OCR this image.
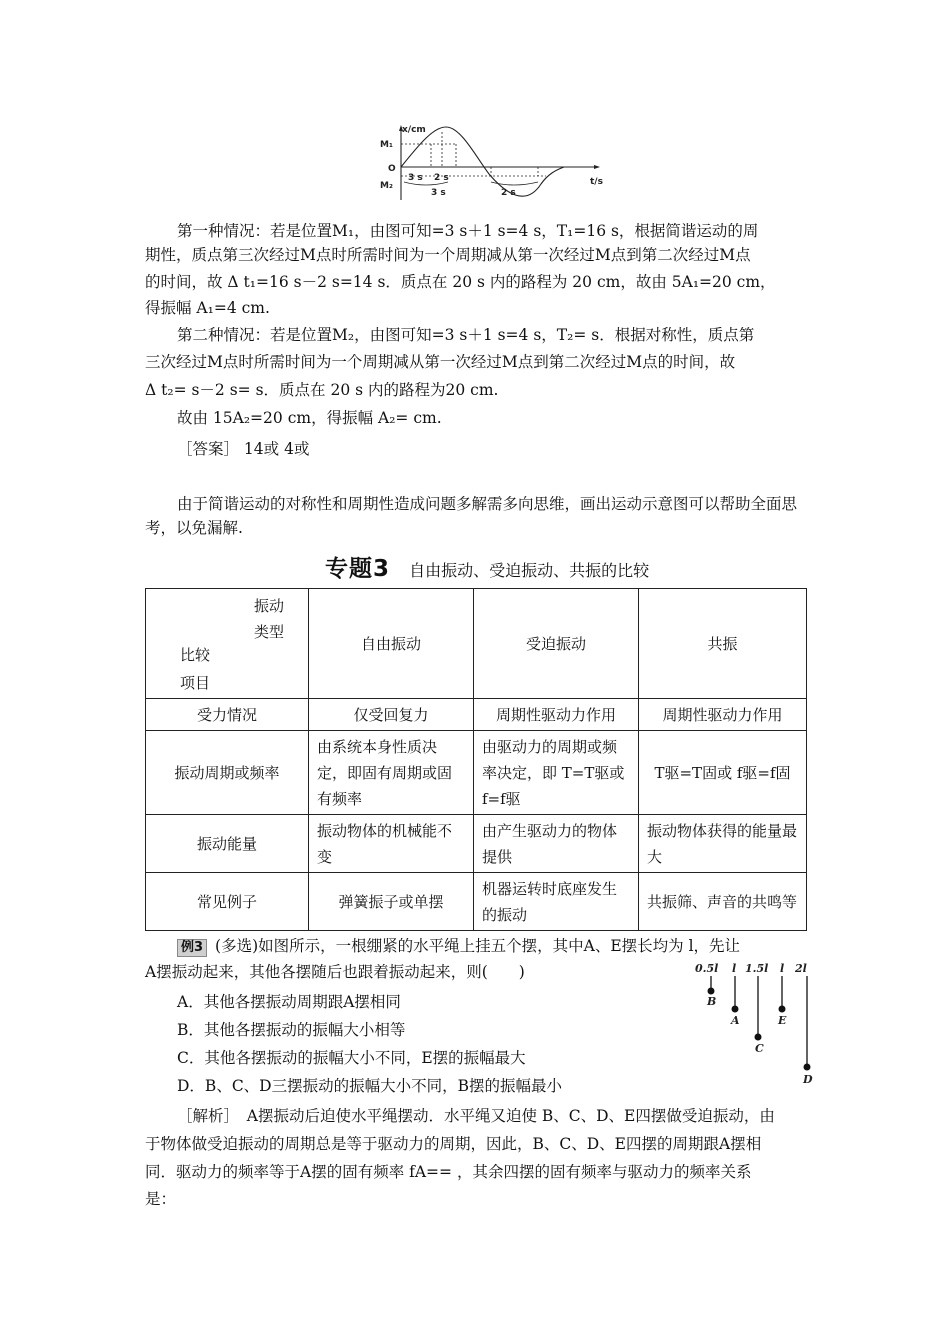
x/cm
M₁
O
M₂	t/s
3 s 2 s
3 s	2 s
第一种情况：若是位置M₁，由图可知=3 s＋1 s=4 s，T₁=16 s，根据简谐运动的周
期性，质点第三次经过M点时所需时间为一个周期减从第一次经过M点到第二次经过M点
的时间，故 Δ t₁=16 s－2 s=14 s．质点在 20 s 内的路程为 20 cm，故由 5A₁=20 cm，
得振幅 A₁=4 cm.
第二种情况：若是位置M₂，由图可知=3 s＋1 s=4 s，T₂= s．根据对称性，质点第
三次经过M点时所需时间为一个周期减从第一次经过M点到第二次经过M点的时间，故
Δ t₂= s－2 s= s．质点在 20 s 内的路程为20 cm.
故由 15A₂=20 cm，得振幅 A₂= cm.
［答案］ 14或 4或

由于简谐运动的对称性和周期性造成问题多解需多向思维，画出运动示意图可以帮助全面思考，以免漏解.

专题3 自由振动、受迫振动、共振的比较
振动
类型
比较
项目	自由振动	受迫振动	共振
受力情况	仅受回复力	周期性驱动力作用	周期性驱动力作用
振动周期或频率	由系统本身性质决定，即固有周期或固有频率	由驱动力的周期或频率决定，即 T=T驱或 f=f驱	T驱=T固或 f驱=f固
振动能量	振动物体的机械能不变	由产生驱动力的物体提供	振动物体获得的能量最大
常见例子	弹簧振子或单摆	机器运转时底座发生的振动	共振筛、声音的共鸣等
例3 (多选)如图所示，一根绷紧的水平绳上挂五个摆，其中A、E摆长均为 l，先让
A摆振动起来，其他各摆随后也跟着振动起来，则(　　)
A．其他各摆振动周期跟A摆相同
B．其他各摆振动的振幅大小相等
C．其他各摆振动的振幅大小不同，E摆的振幅最大
D．B、C、D三摆振动的振幅大小不同，B摆的振幅最小
0.5l l 1.5l l 2l
B
A
C
E
D
［解析］　A摆振动后迫使水平绳摆动．水平绳又迫使 B、C、D、E四摆做受迫振动，由
于物体做受迫振动的周期总是等于驱动力的周期，因此，B、C、D、E四摆的周期跟A摆相
同．驱动力的频率等于A摆的固有频率 fA== ，其余四摆的固有频率与驱动力的频率关系
是：
